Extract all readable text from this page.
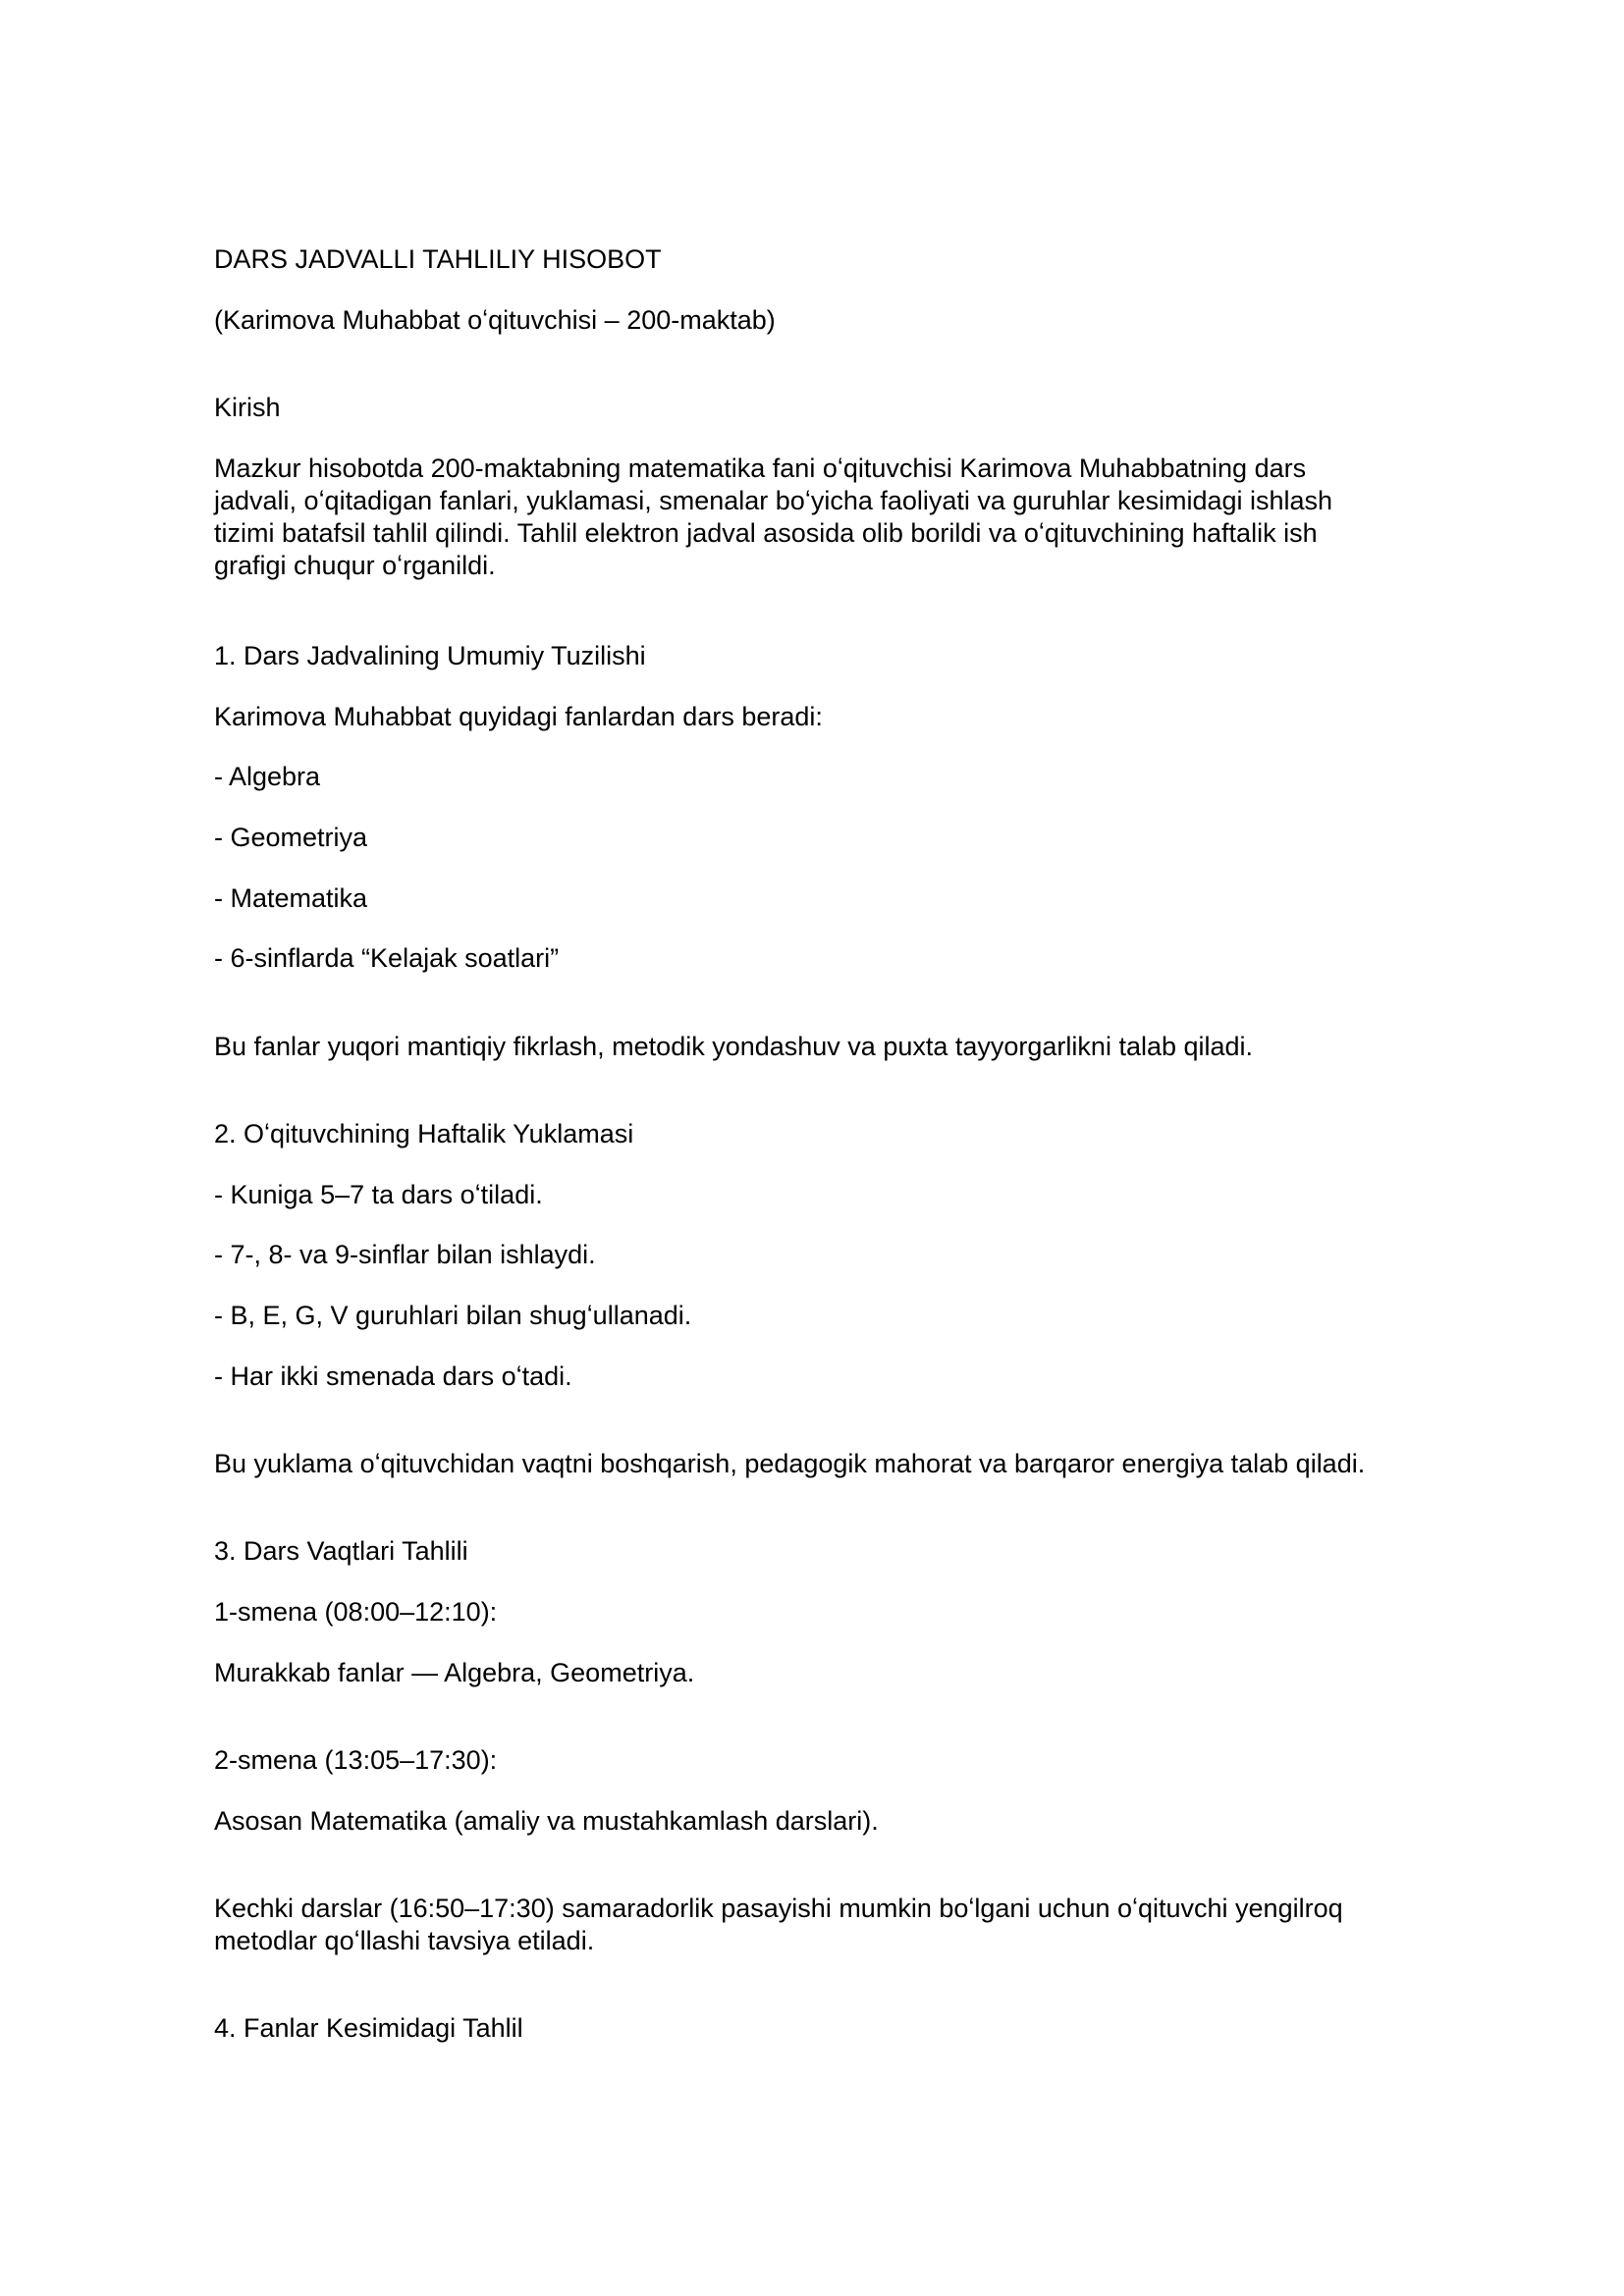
DARS JADVALLI TAHLILIY HISOBOT

(Karimova Muhabbat oʻqituvchisi – 200-maktab)

Kirish

Mazkur hisobotda 200-maktabning matematika fani oʻqituvchisi Karimova Muhabbatning dars
jadvali, oʻqitadigan fanlari, yuklamasi, smenalar boʻyicha faoliyati va guruhlar kesimidagi ishlash
tizimi batafsil tahlil qilindi. Tahlil elektron jadval asosida olib borildi va oʻqituvchining haftalik ish
grafigi chuqur oʻrganildi.

1. Dars Jadvalining Umumiy Tuzilishi

Karimova Muhabbat quyidagi fanlardan dars beradi:

- Algebra

- Geometriya

- Matematika

- 6-sinflarda “Kelajak soatlari”

Bu fanlar yuqori mantiqiy fikrlash, metodik yondashuv va puxta tayyorgarlikni talab qiladi.

2. Oʻqituvchining Haftalik Yuklamasi

- Kuniga 5–7 ta dars oʻtiladi.

- 7-, 8- va 9-sinflar bilan ishlaydi.

- B, E, G, V guruhlari bilan shugʻullanadi.

- Har ikki smenada dars oʻtadi.

Bu yuklama oʻqituvchidan vaqtni boshqarish, pedagogik mahorat va barqaror energiya talab qiladi.

3. Dars Vaqtlari Tahlili

1-smena (08:00–12:10):

Murakkab fanlar — Algebra, Geometriya.

2-smena (13:05–17:30):

Asosan Matematika (amaliy va mustahkamlash darslari).

Kechki darslar (16:50–17:30) samaradorlik pasayishi mumkin boʻlgani uchun oʻqituvchi yengilroq
metodlar qoʻllashi tavsiya etiladi.

4. Fanlar Kesimidagi Tahlil
